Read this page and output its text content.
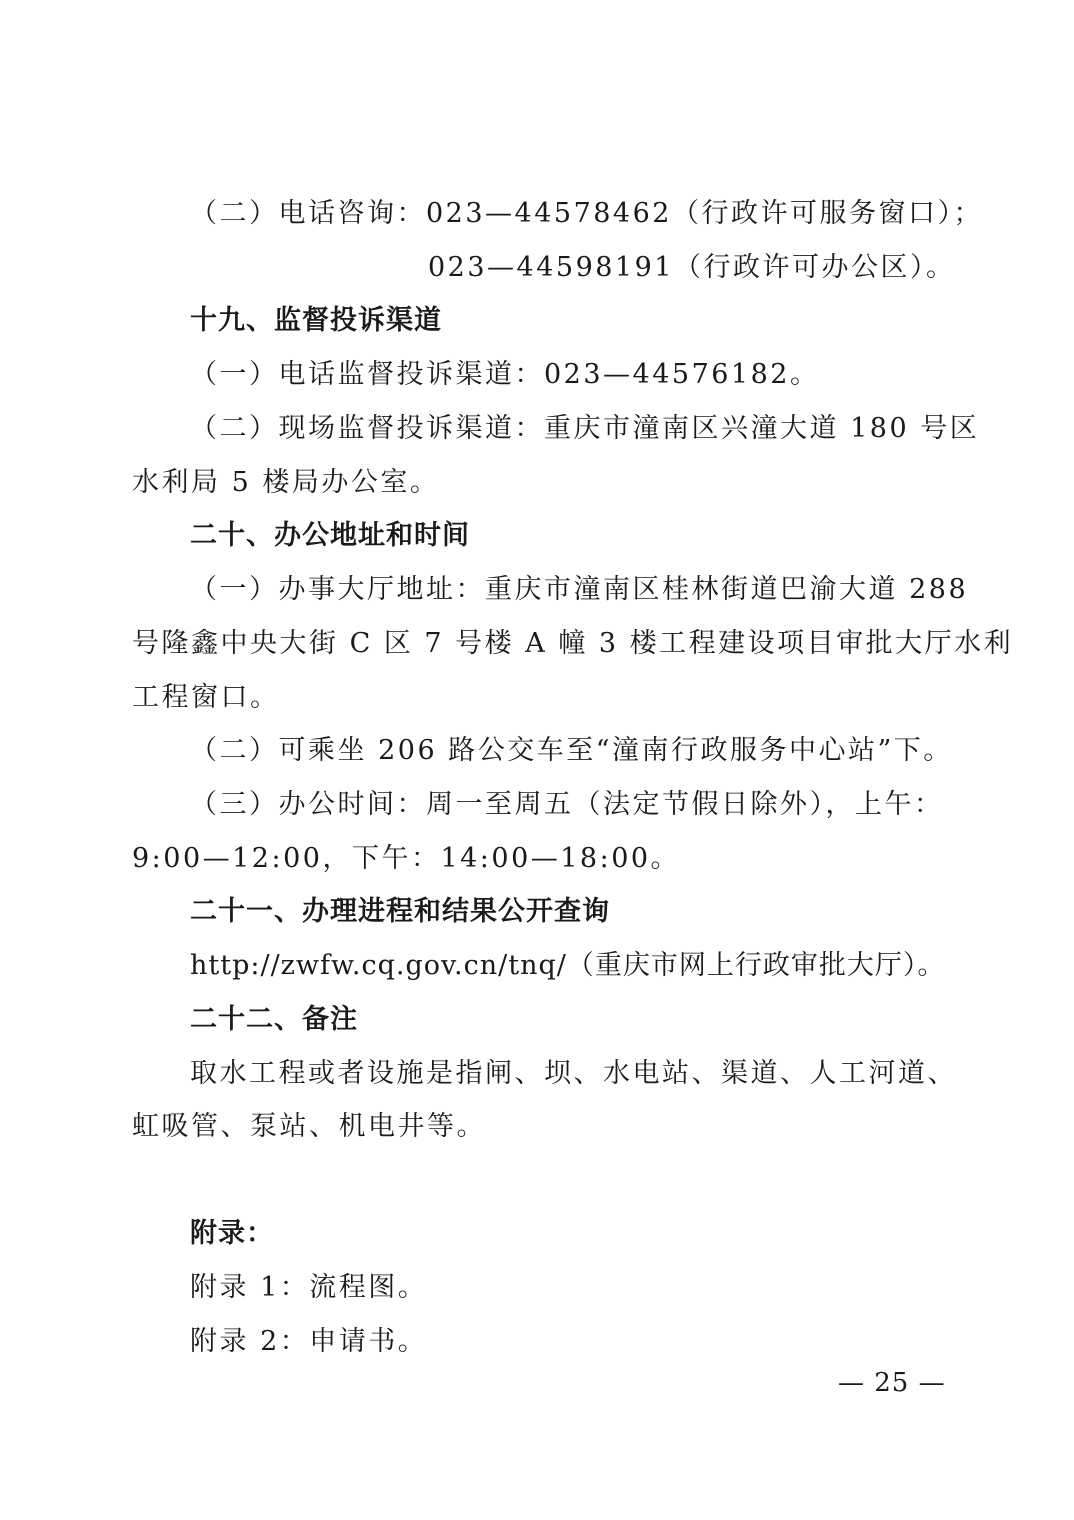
（二）电话咨询：023—44578462（行政许可服务窗口）；
023—44598191（行政许可办公区）。
十九、监督投诉渠道
（一）电话监督投诉渠道：023—44576182。
（二）现场监督投诉渠道：重庆市潼南区兴潼大道 180 号区
水利局 5 楼局办公室。
二十、办公地址和时间
（一）办事大厅地址：重庆市潼南区桂林街道巴渝大道 288
号隆鑫中央大街 C 区 7 号楼 A 幢 3 楼工程建设项目审批大厅水利
工程窗口。
（二）可乘坐 206 路公交车至“潼南行政服务中心站”下。
（三）办公时间：周一至周五（法定节假日除外），上午：
9:00—12:00，下午：14:00—18:00。
二十一、办理进程和结果公开查询
http://zwfw.cq.gov.cn/tnq/（重庆市网上行政审批大厅）。
二十二、备注
取水工程或者设施是指闸、坝、水电站、渠道、人工河道、
虹吸管、泵站、机电井等。
附录：
附录 1：流程图。
附录 2：申请书。
— 25 —
